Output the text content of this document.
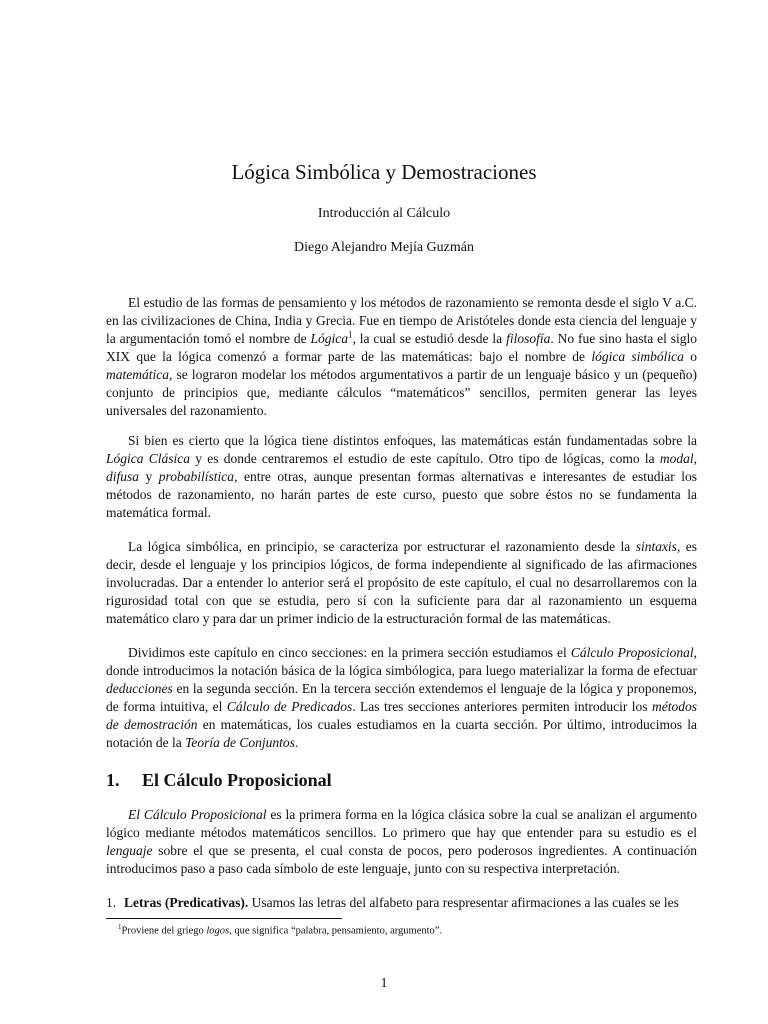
Lógica Simbólica y Demostraciones
Introducción al Cálculo
Diego Alejandro Mejía Guzmán

El estudio de las formas de pensamiento y los métodos de razonamiento se remonta desde el siglo V a.C. en las civilizaciones de China, India y Grecia. Fue en tiempo de Aristóteles donde esta ciencia del lenguaje y la argumentación tomó el nombre de Lógica$^1$, la cual se estudió desde la filosofía. No fue sino hasta el siglo XIX que la lógica comenzó a formar parte de las matemáticas: bajo el nombre de lógica simbólica o matemática, se lograron modelar los métodos argumentativos a partir de un lenguaje básico y un (pequeño) conjunto de principios que, mediante cálculos “matemáticos” sencillos, permiten generar las leyes universales del razonamiento.

Si bien es cierto que la lógica tiene distintos enfoques, las matemáticas están fundamentadas sobre la Lógica Clásica y es donde centraremos el estudio de este capítulo. Otro tipo de lógicas, como la modal, difusa y probabilística, entre otras, aunque presentan formas alternativas e interesantes de estudiar los métodos de razonamiento, no harán partes de este curso, puesto que sobre éstos no se fundamenta la matemática formal.

La lógica simbólica, en principio, se caracteriza por estructurar el razonamiento desde la sintaxis, es decir, desde el lenguaje y los principios lógicos, de forma independiente al significado de las afirmaciones involucradas. Dar a entender lo anterior será el propósito de este capítulo, el cual no desarrollaremos con la rigurosidad total con que se estudia, pero sí con la suficiente para dar al razonamiento un esquema matemático claro y para dar un primer indicio de la estructuración formal de las matemáticas.

Dividimos este capítulo en cinco secciones: en la primera sección estudiamos el Cálculo Proposicional, donde introducimos la notación básica de la lógica simbólogica, para luego materializar la forma de efectuar deducciones en la segunda sección. En la tercera sección extendemos el lenguaje de la lógica y proponemos, de forma intuitiva, el Cálculo de Predicados. Las tres secciones anteriores permiten introducir los métodos de demostración en matemáticas, los cuales estudiamos en la cuarta sección. Por último, introducimos la notación de la Teoría de Conjuntos.

1. El Cálculo Proposicional

El Cálculo Proposicional es la primera forma en la lógica clásica sobre la cual se analizan el argumento lógico mediante métodos matemáticos sencillos. Lo primero que hay que entender para su estudio es el lenguaje sobre el que se presenta, el cual consta de pocos, pero poderosos ingredientes. A continuación introducimos paso a paso cada símbolo de este lenguaje, junto con su respectiva interpretación.

1. Letras (Predicativas). Usamos las letras del alfabeto para respresentar afirmaciones a las cuales se les
$^1$Proviene del griego logos, que significa “palabra, pensamiento, argumento”.
1
